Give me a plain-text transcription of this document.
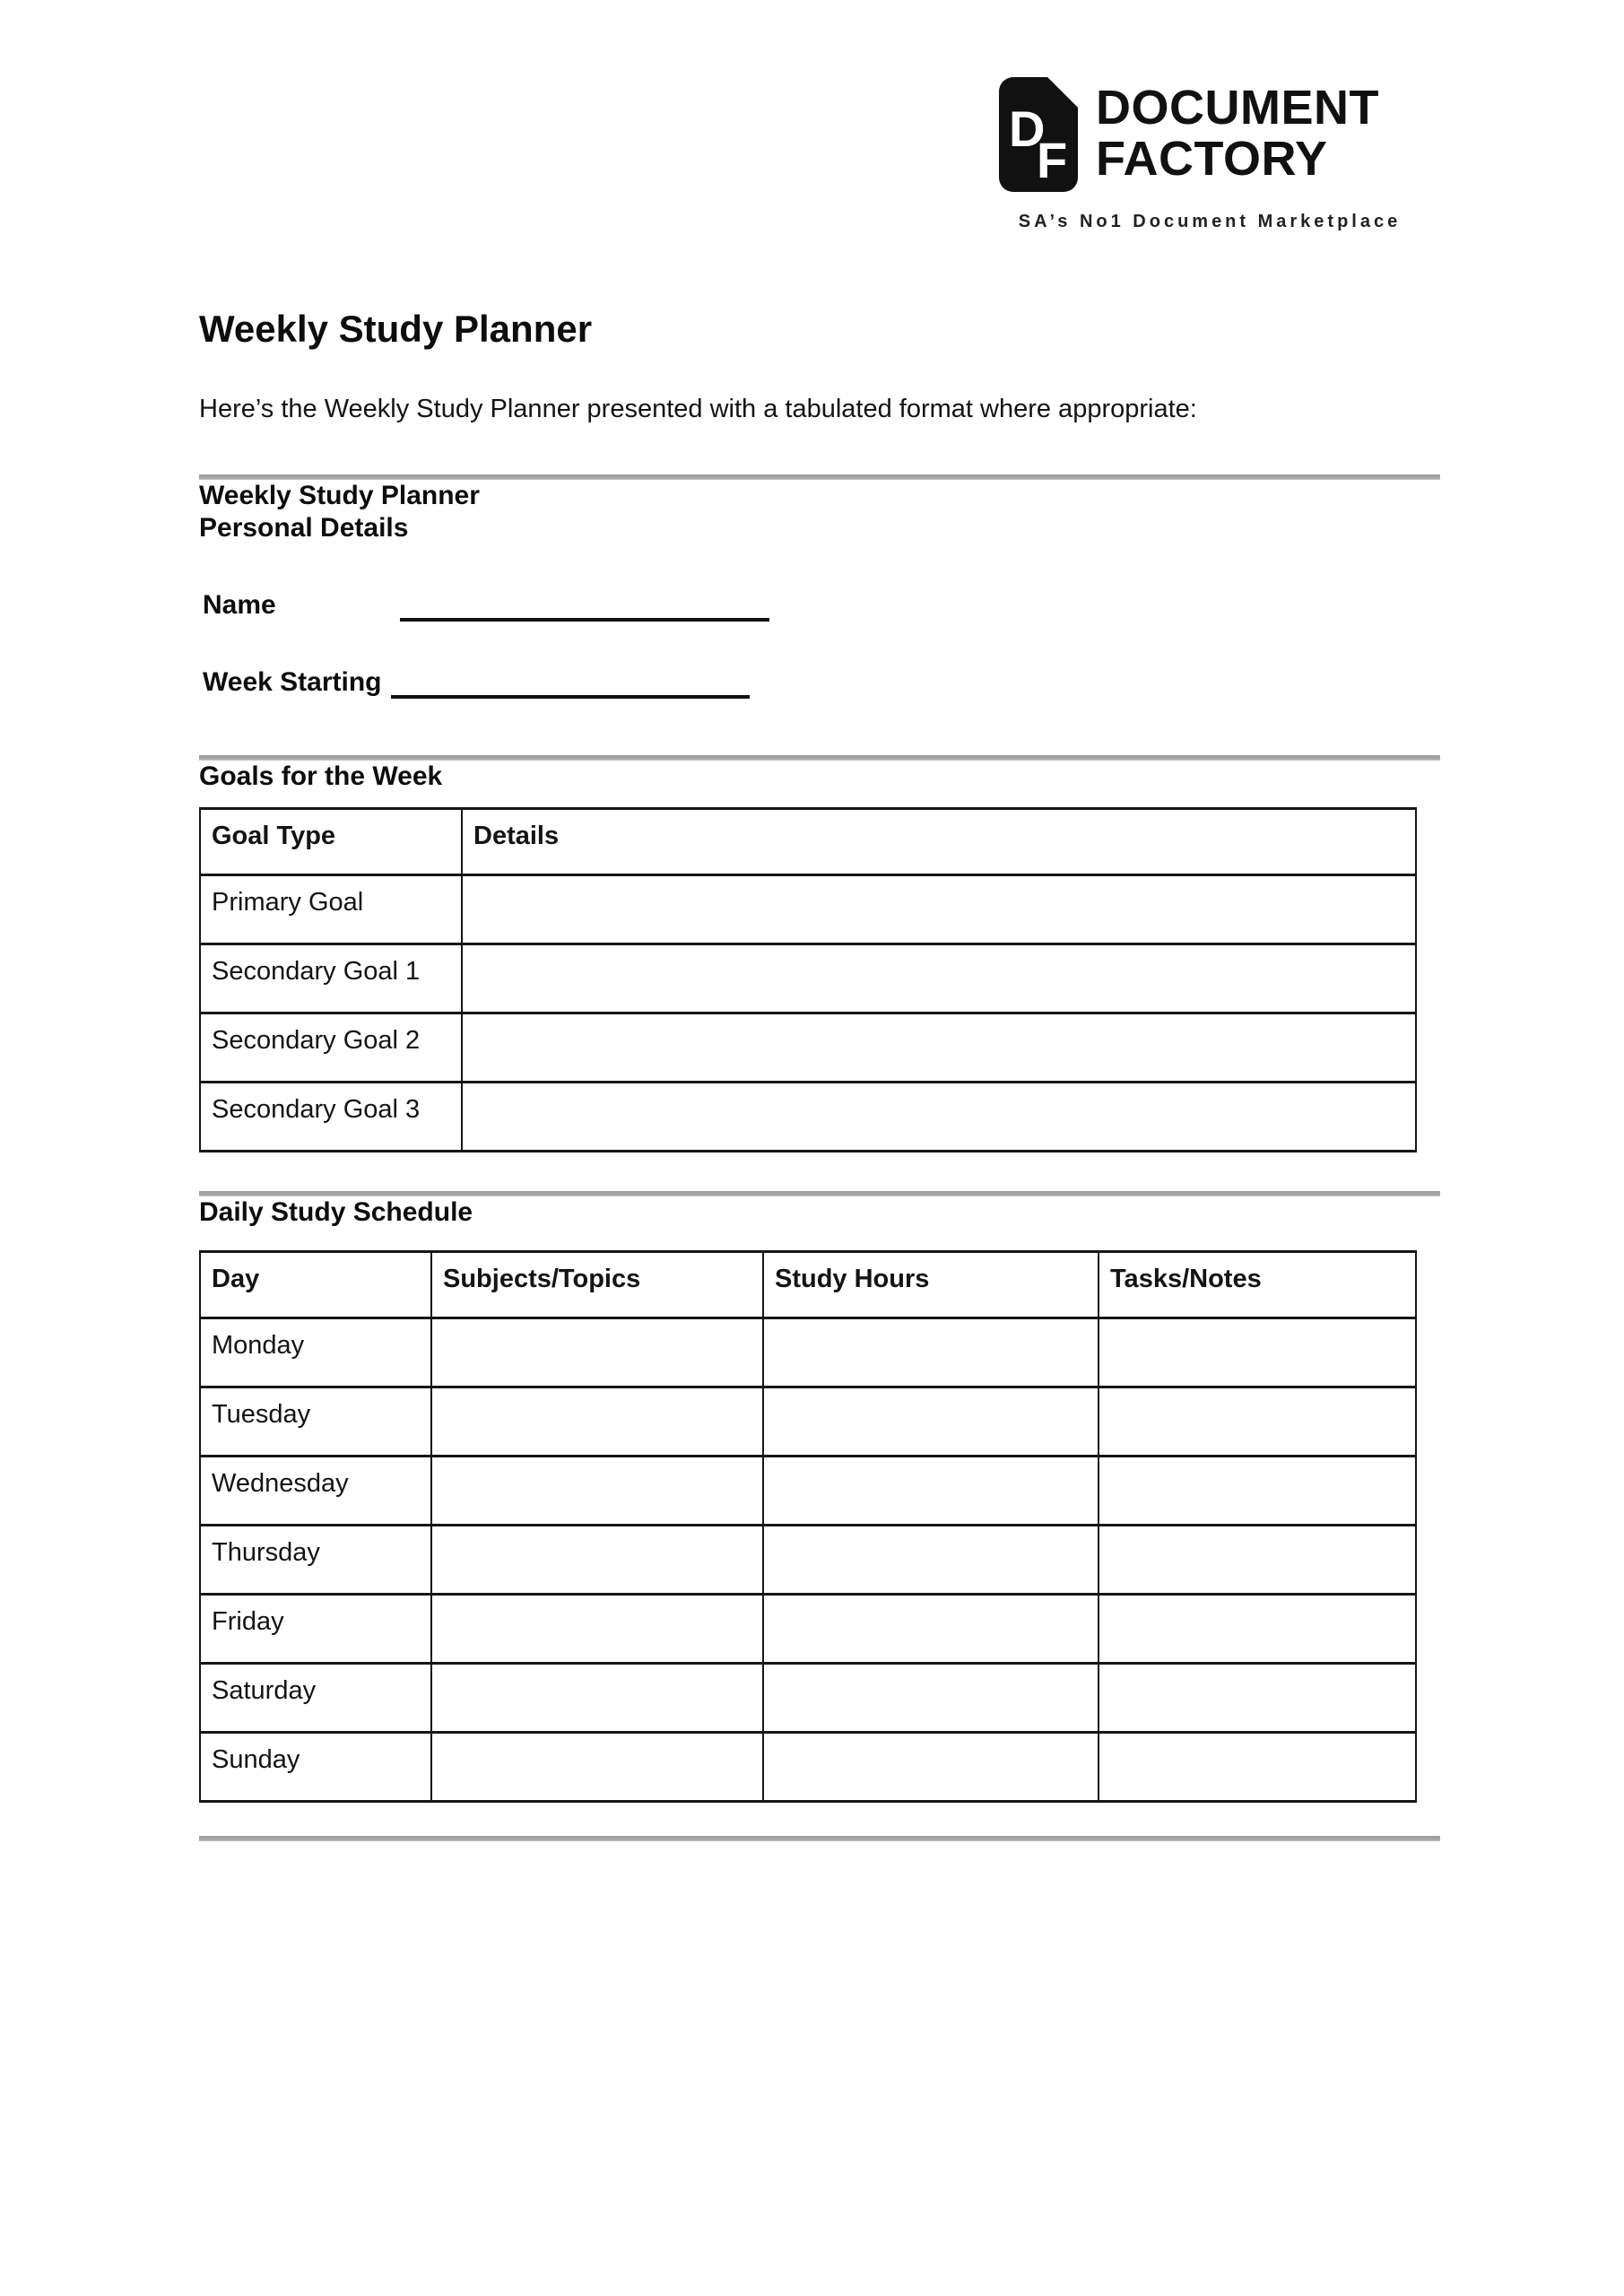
D
F
DOCUMENT
FACTORY
SA’s No1 Document Marketplace
Weekly Study Planner

Here’s the Weekly Study Planner presented with a tabulated format where appropriate:

Weekly Study Planner
Personal Details
Name
Week Starting
Goals for the Week
Goal Type	Details
Primary Goal	
Secondary Goal 1	
Secondary Goal 2	
Secondary Goal 3	
Daily Study Schedule
Day	Subjects/Topics	Study Hours	Tasks/Notes
Monday			
Tuesday			
Wednesday			
Thursday			
Friday			
Saturday			
Sunday			
